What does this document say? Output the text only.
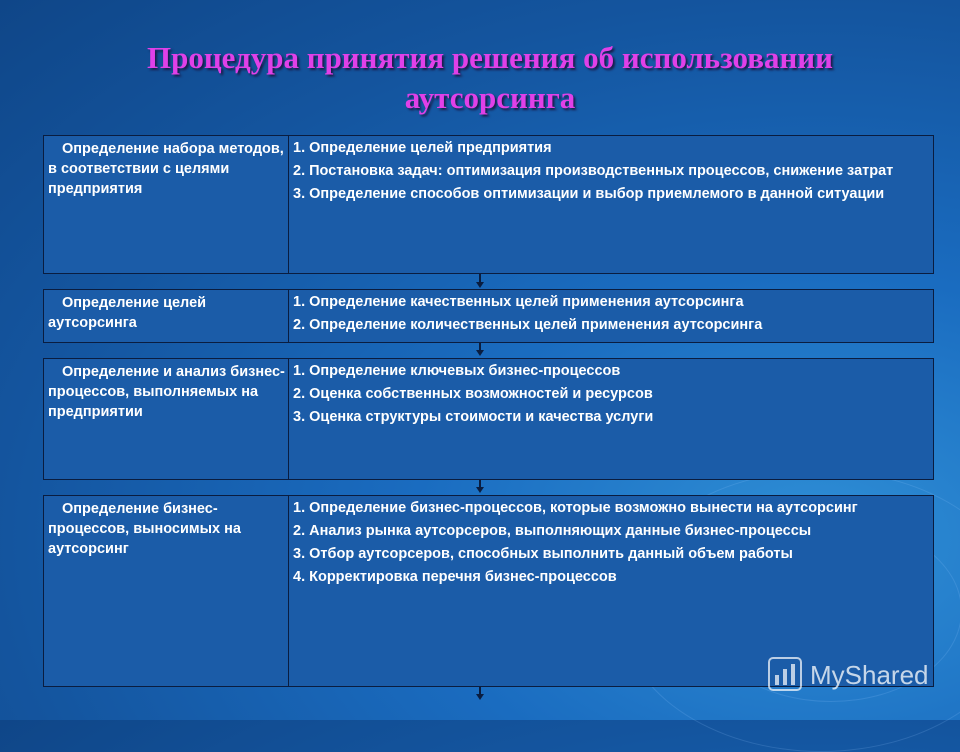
Процедура принятия решения об использовании аутсорсинга
Определение набора методов, в соответствии с целями предприятия
1. Определение целей предприятия
2. Постановка задач: оптимизация производственных процессов, снижение затрат
3. Определение способов оптимизации и выбор приемлемого в данной ситуации
Определение целей аутсорсинга
1. Определение качественных целей применения аутсорсинга
2. Определение количественных целей применения аутсорсинга
Определение и анализ бизнес-процессов, выполняемых на предприятии
1. Определение ключевых бизнес-процессов
2. Оценка собственных возможностей и ресурсов
3. Оценка структуры стоимости и качества услуги
Определение бизнес-процессов, выносимых на аутсорсинг
1. Определение бизнес-процессов, которые возможно вынести на аутсорсинг
2. Анализ рынка аутсорсеров, выполняющих данные бизнес-процессы
3. Отбор аутсорсеров, способных выполнить данный объем работы
4. Корректировка перечня бизнес-процессов
MyShared
